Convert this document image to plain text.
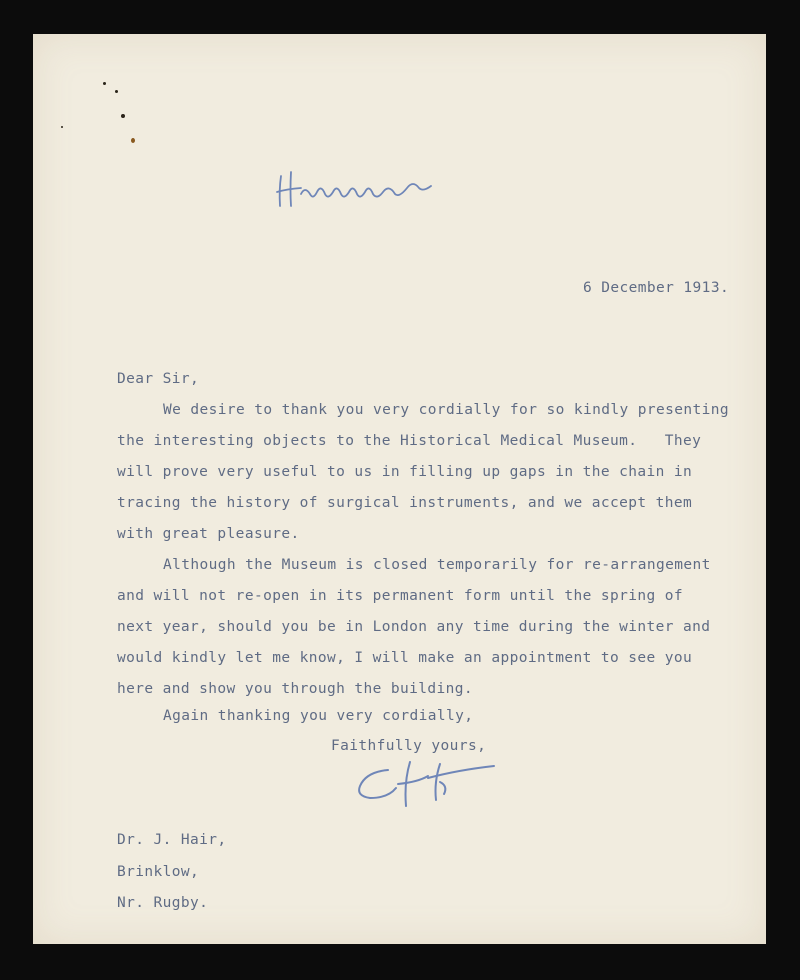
6 December 1913.

Dear Sir,

We desire to thank you very cordially for so kindly presenting

the interesting objects to the Historical Medical Museum.   They

will prove very useful to us in filling up gaps in the chain in

tracing the history of surgical instruments, and we accept them

with great pleasure.

Although the Museum is closed temporarily for re-arrangement

and will not re-open in its permanent form until the spring of

next year, should you be in London any time during the winter and

would kindly let me know, I will make an appointment to see you

here and show you through the building.

Again thanking you very cordially,

Faithfully yours,

Dr. J. Hair,

Brinklow,

Nr. Rugby.
